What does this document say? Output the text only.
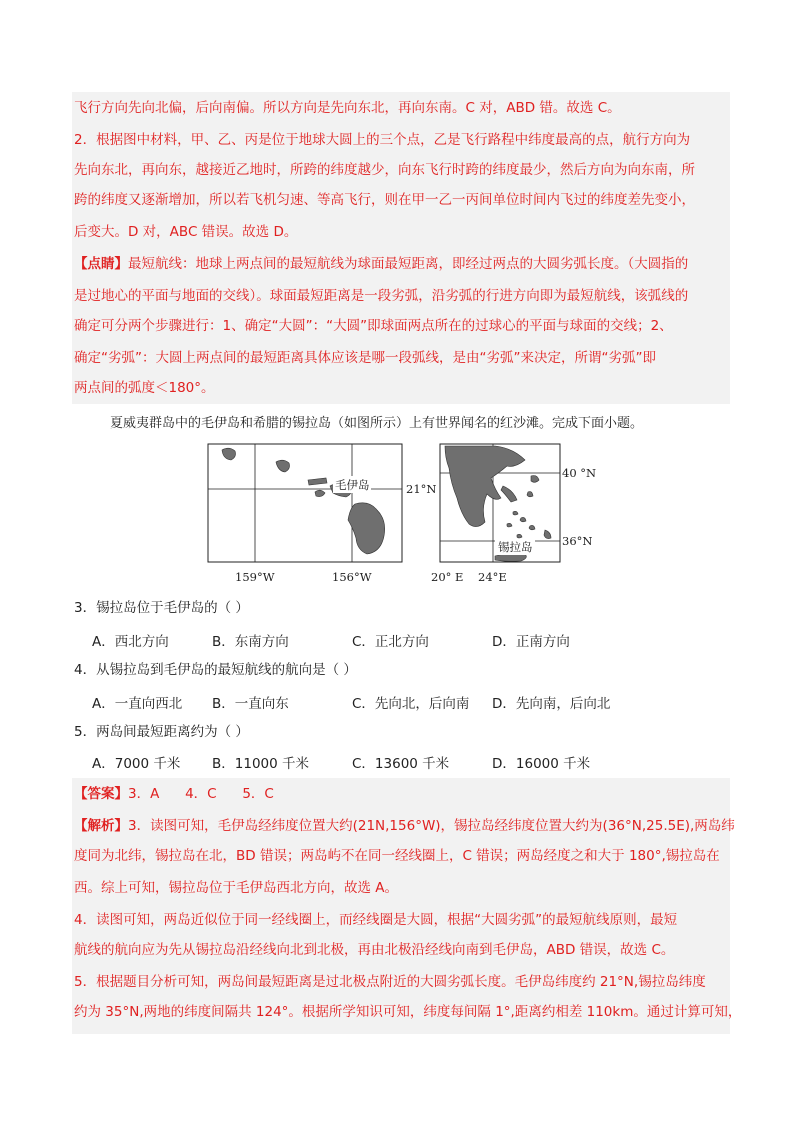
飞行方向先向北偏，后向南偏。所以方向是先向东北，再向东南。C 对，ABD 错。故选 C。
2．根据图中材料，甲、乙、丙是位于地球大圆上的三个点，乙是飞行路程中纬度最高的点，航行方向为
先向东北，再向东，越接近乙地时，所跨的纬度越少，向东飞行时跨的纬度最少，然后方向为向东南，所
跨的纬度又逐渐增加，所以若飞机匀速、等高飞行，则在甲一乙一丙间单位时间内飞过的纬度差先变小，
后变大。D 对，ABC 错误。故选 D。
【点睛】最短航线：地球上两点间的最短航线为球面最短距离，即经过两点的大圆劣弧长度。（大圆指的
是过地心的平面与地面的交线）。球面最短距离是一段劣弧，沿劣弧的行进方向即为最短航线，该弧线的
确定可分两个步骤进行：1、确定“大圆”：“大圆”即球面两点所在的过球心的平面与球面的交线；2、
确定“劣弧”：大圆上两点间的最短距离具体应该是哪一段弧线，是由“劣弧”来决定，所谓“劣弧”即
两点间的弧度＜180°。
夏威夷群岛中的毛伊岛和希腊的锡拉岛（如图所示）上有世界闻名的红沙滩。完成下面小题。
毛伊岛	21°N
159°W	156°W
锡拉岛
40 °N
36°N
20° E 24°E
3．锡拉岛位于毛伊岛的（ ）
A．西北方向	B．东南方向	C．正北方向	D．正南方向
4．从锡拉岛到毛伊岛的最短航线的航向是（ ）
A．一直向西北 B．一直向东	C．先向北，后向南 D．先向南，后向北
5．两岛间最短距离约为（ ）
A．7000 千米 B．11000 千米	C．13600 千米	D．16000 千米
【答案】3．A      4．C      5．C
【解析】3．读图可知，毛伊岛经纬度位置大约(21N,156°W)，锡拉岛经纬度位置大约为(36°N,25.5E),两岛纬
度同为北纬，锡拉岛在北，BD 错误；两岛屿不在同一经线圈上，C 错误；两岛经度之和大于 180°,锡拉岛在
西。综上可知，锡拉岛位于毛伊岛西北方向，故选 A。
4．读图可知，两岛近似位于同一经线圈上，而经线圈是大圆，根据“大圆劣弧”的最短航线原则，最短
航线的航向应为先从锡拉岛沿经线向北到北极，再由北极沿经线向南到毛伊岛，ABD 错误，故选 C。
5．根据题目分析可知，两岛间最短距离是过北极点附近的大圆劣弧长度。毛伊岛纬度约 21°N,锡拉岛纬度
约为 35°N,两地的纬度间隔共 124°。根据所学知识可知，纬度每间隔 1°,距离约相差 110km。通过计算可知，
